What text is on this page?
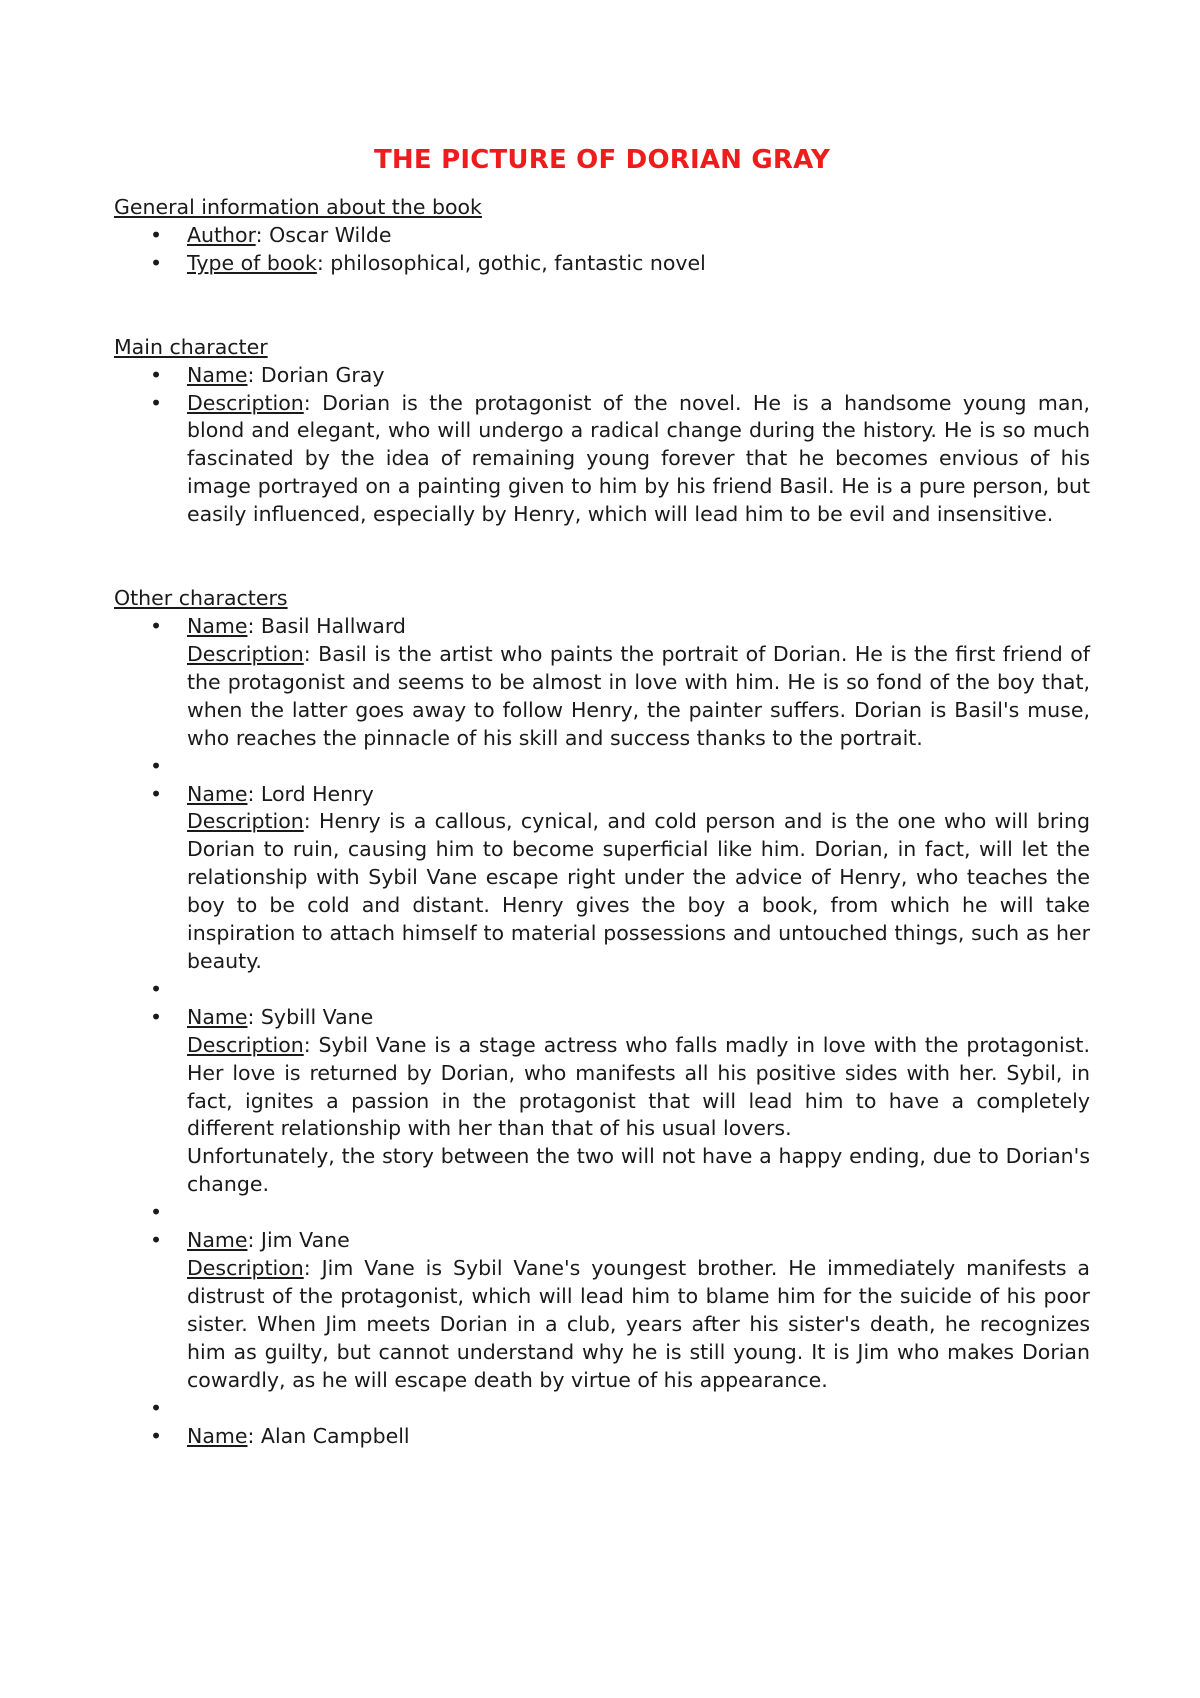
THE PICTURE OF DORIAN GRAY
General information about the book
• Author: Oscar Wilde
• Type of book: philosophical, gothic, fantastic novel
Main character
• Name: Dorian Gray
• Description: Dorian is the protagonist of the novel. He is a handsome young man, blond and elegant, who will undergo a radical change during the history. He is so much fascinated by the idea of remaining young forever that he becomes envious of his image portrayed on a painting given to him by his friend Basil. He is a pure person, but easily influenced, especially by Henry, which will lead him to be evil and insensitive.
Other characters
• Name: Basil Hallward
Description: Basil is the artist who paints the portrait of Dorian. He is the first friend of the protagonist and seems to be almost in love with him. He is so fond of the boy that, when the latter goes away to follow Henry, the painter suffers. Dorian is Basil's muse, who reaches the pinnacle of his skill and success thanks to the portrait.
•
• Name: Lord Henry
Description: Henry is a callous, cynical, and cold person and is the one who will bring Dorian to ruin, causing him to become superficial like him. Dorian, in fact, will let the relationship with Sybil Vane escape right under the advice of Henry, who teaches the boy to be cold and distant. Henry gives the boy a book, from which he will take inspiration to attach himself to material possessions and untouched things, such as her beauty.
•
• Name: Sybill Vane
Description: Sybil Vane is a stage actress who falls madly in love with the protagonist. Her love is returned by Dorian, who manifests all his positive sides with her. Sybil, in fact, ignites a passion in the protagonist that will lead him to have a completely different relationship with her than that of his usual lovers.
Unfortunately, the story between the two will not have a happy ending, due to Dorian's change.
•
• Name: Jim Vane
Description: Jim Vane is Sybil Vane's youngest brother. He immediately manifests a distrust of the protagonist, which will lead him to blame him for the suicide of his poor sister. When Jim meets Dorian in a club, years after his sister's death, he recognizes him as guilty, but cannot understand why he is still young. It is Jim who makes Dorian cowardly, as he will escape death by virtue of his appearance.
•
• Name: Alan Campbell
